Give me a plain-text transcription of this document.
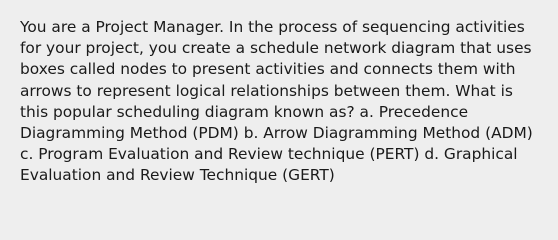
You are a Project Manager. In the process of sequencing activities for your project, you create a schedule network diagram that uses boxes called nodes to present activities and connects them with arrows to represent logical relationships between them. What is this popular scheduling diagram known as? a. Precedence Diagramming Method (PDM) b. Arrow Diagramming Method (ADM) c. Program Evaluation and Review technique (PERT) d. Graphical Evaluation and Review Technique (GERT)
